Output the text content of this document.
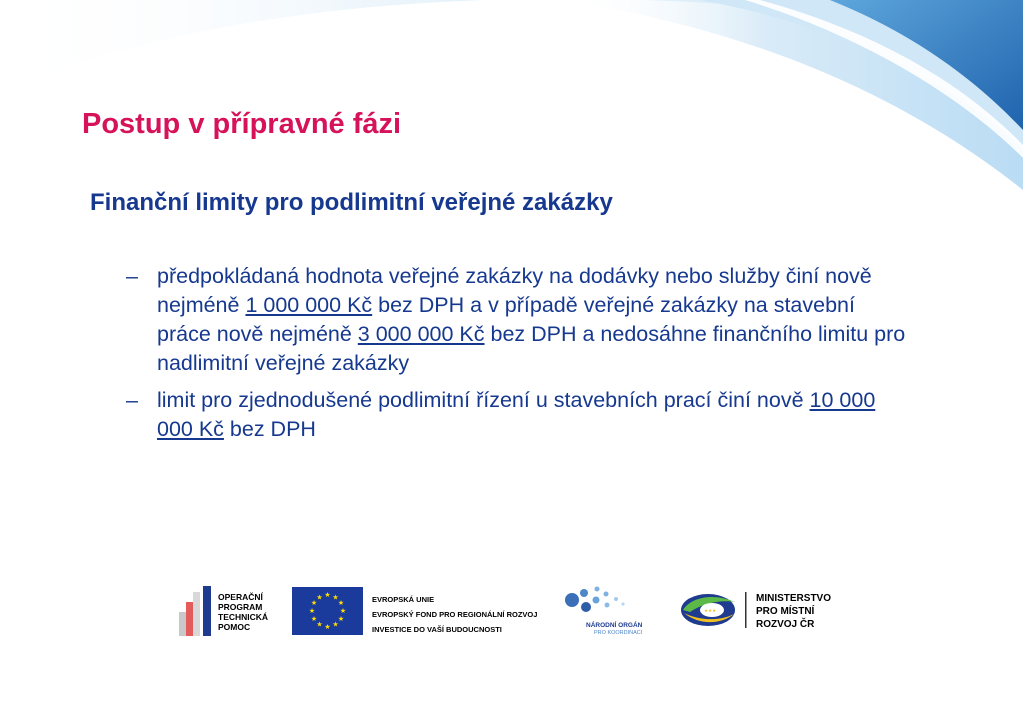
Postup v přípravné fázi
Finanční limity pro podlimitní veřejné zakázky
– předpokládaná hodnota veřejné zakázky na dodávky nebo služby činí nově nejméně 1 000 000 Kč bez DPH a v případě veřejné zakázky na stavební práce nově nejméně 3 000 000 Kč bez DPH a nedosáhne finančního limitu pro nadlimitní veřejné zakázky
– limit pro zjednodušené podlimitní řízení u stavebních prací činí nově 10 000 000 Kč bez DPH
OPERAČNÍ
PROGRAM
TECHNICKÁ
POMOC
★ ★
★
★
★
★
★
★
★
★
★
★	EVROPSKÁ UNIE
EVROPSKÝ FOND PRO REGIONÁLNÍ ROZVOJ
INVESTICE DO VAŠÍ BUDOUCNOSTI	NÁRODNÍ ORGÁN
PRO KOORDINACI
★★★
MINISTERSTVO
PRO MÍSTNÍ
ROZVOJ ČR
